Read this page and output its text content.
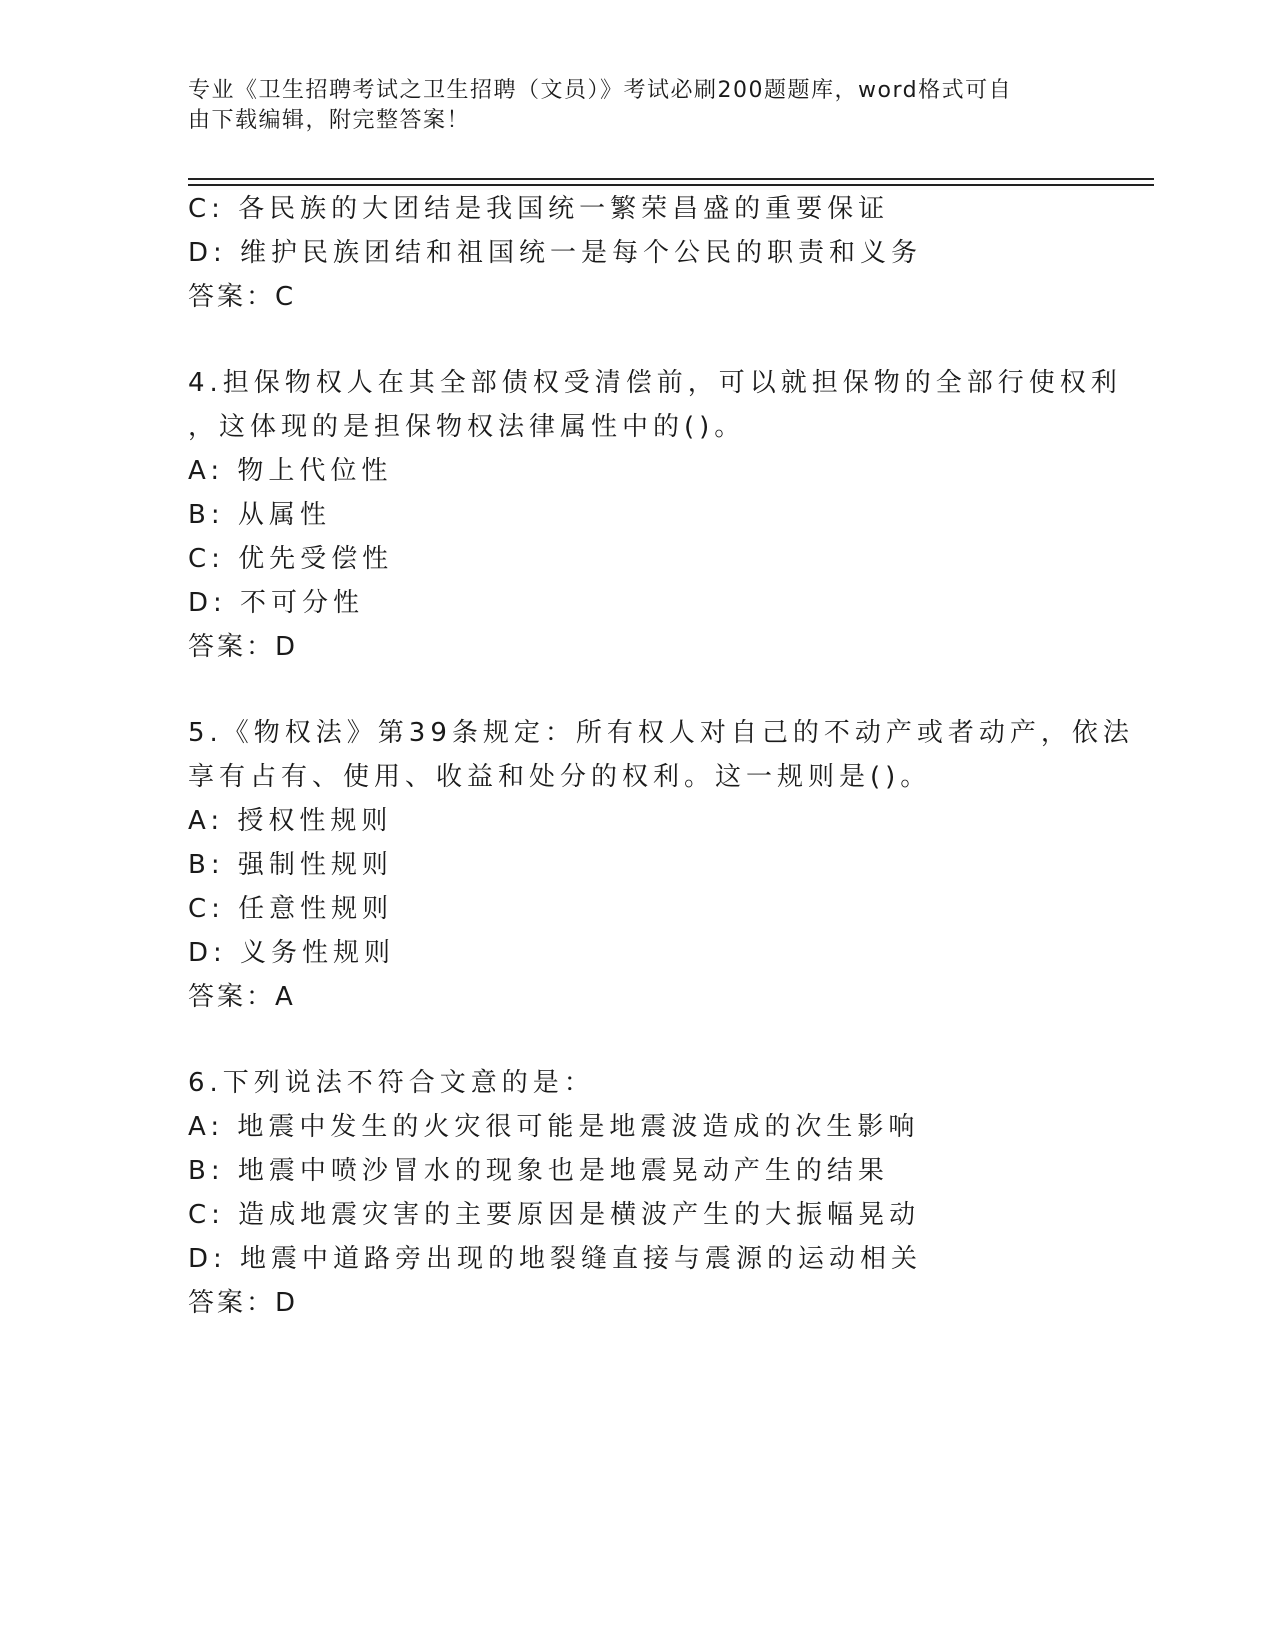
专业《卫生招聘考试之卫生招聘（文员）》考试必刷200题题库，word格式可自
由下载编辑，附完整答案！
C: 各民族的大团结是我国统一繁荣昌盛的重要保证
D: 维护民族团结和祖国统一是每个公民的职责和义务
答案：C
4.担保物权人在其全部债权受清偿前，可以就担保物的全部行使权利
，这体现的是担保物权法律属性中的()。
A: 物上代位性
B: 从属性
C: 优先受偿性
D: 不可分性
答案：D
5.《物权法》第39条规定：所有权人对自己的不动产或者动产，依法
享有占有、使用、收益和处分的权利。这一规则是()。
A: 授权性规则
B: 强制性规则
C: 任意性规则
D: 义务性规则
答案：A
6.下列说法不符合文意的是：
A: 地震中发生的火灾很可能是地震波造成的次生影响
B: 地震中喷沙冒水的现象也是地震晃动产生的结果
C: 造成地震灾害的主要原因是横波产生的大振幅晃动
D: 地震中道路旁出现的地裂缝直接与震源的运动相关
答案：D
